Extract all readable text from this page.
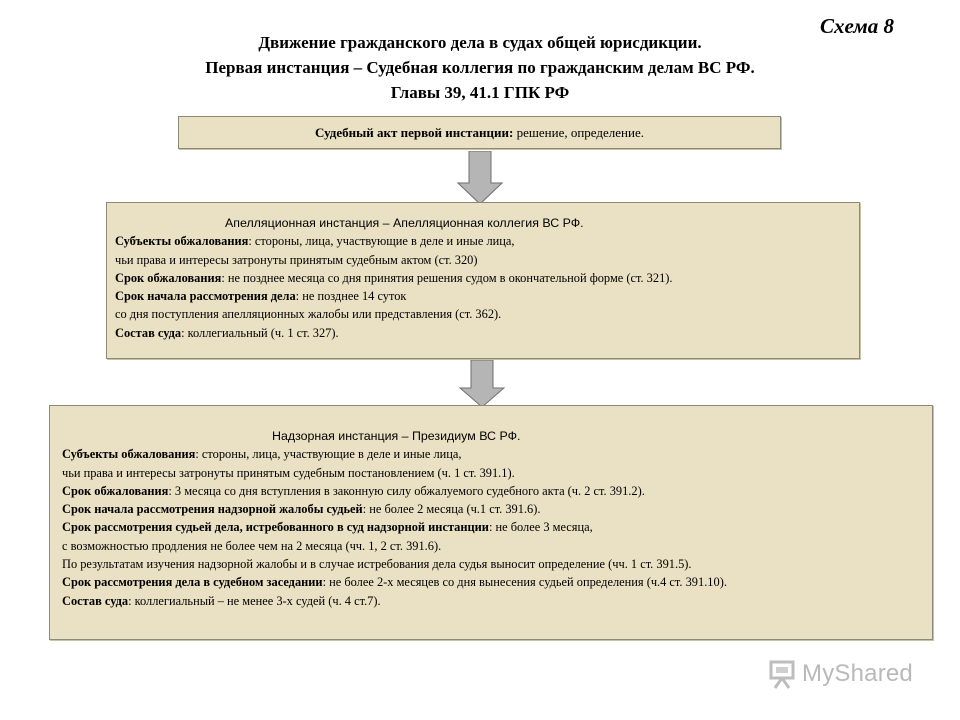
Схема 8
Движение гражданского дела в судах общей юрисдикции.
Первая инстанция – Судебная коллегия по гражданским делам ВС РФ.
Главы 39, 41.1 ГПК РФ
Судебный акт первой инстанции: решение, определение.
Апелляционная инстанция – Апелляционная коллегия ВС РФ.
Субъекты обжалования: стороны, лица, участвующие в деле и иные лица,
чьи права и интересы затронуты принятым судебным актом (ст. 320)
Срок обжалования: не позднее месяца со дня принятия решения судом в окончательной форме (ст. 321).
Срок начала рассмотрения дела: не позднее 14 суток
со дня поступления апелляционных жалобы или представления (ст. 362).
Состав суда: коллегиальный (ч. 1 ст. 327).
Надзорная инстанция – Президиум ВС РФ.
Субъекты обжалования: стороны, лица, участвующие в деле и иные лица,
чьи права и интересы затронуты принятым судебным постановлением (ч. 1 ст. 391.1).
Срок обжалования: 3 месяца со дня вступления в законную силу обжалуемого судебного акта (ч. 2 ст. 391.2).
Срок начала рассмотрения надзорной жалобы судьей: не более 2 месяца (ч.1 ст. 391.6).
Срок рассмотрения судьей дела, истребованного в суд надзорной инстанции: не более 3 месяца,
с возможностью продления не более чем на 2 месяца (чч. 1, 2 ст. 391.6).
По результатам изучения надзорной жалобы и в случае истребования дела судья выносит определение (чч. 1 ст. 391.5).
Срок рассмотрения дела в судебном заседании: не более 2-х месяцев со дня вынесения судьей определения (ч.4 ст. 391.10).
Состав суда: коллегиальный – не менее 3-х судей (ч. 4 ст.7).
MyShared
